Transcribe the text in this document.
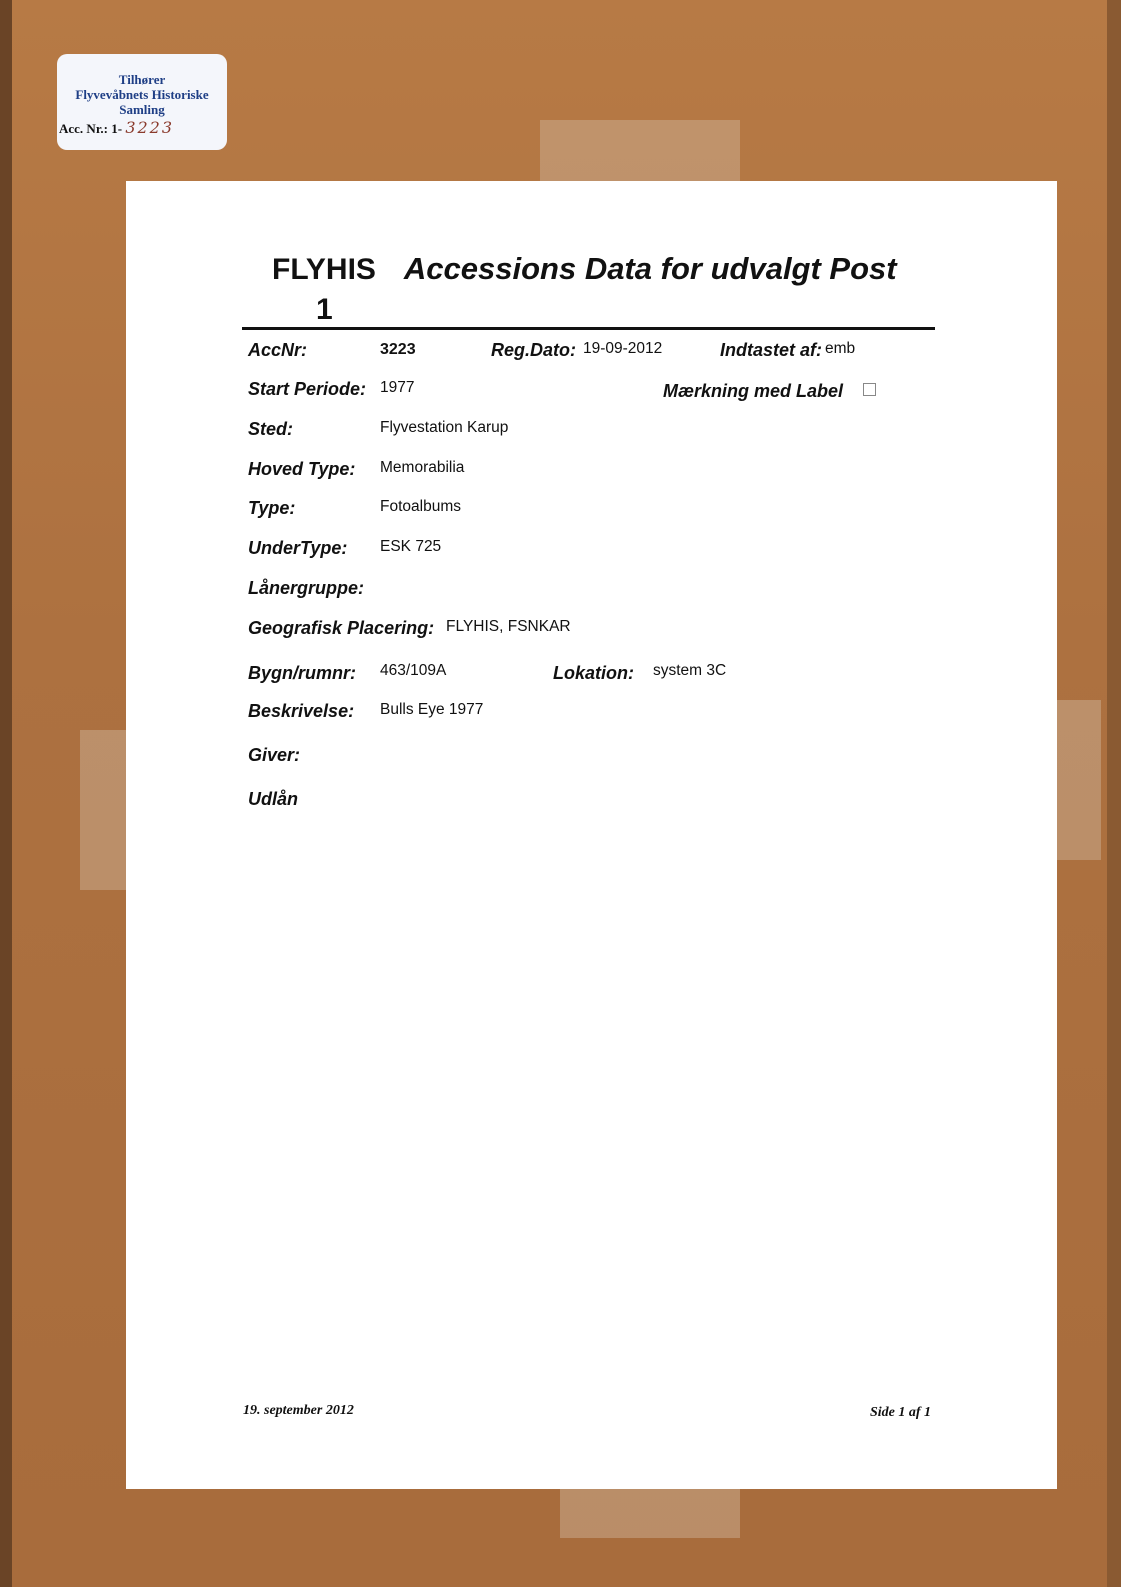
Tilhører
Flyvevåbnets Historiske
Samling
Acc. Nr.: 1- 3223
FLYHIS Accessions Data for udvalgt Post
1
AccNr:	3223	Reg.Dato: 19-09-2012	Indtastet af: emb
Start Periode: 1977	Mærkning med Label
Sted:	Flyvestation Karup
Hoved Type: Memorabilia
Type:	Fotoalbums
UnderType: ESK 725
Lånergruppe:
Geografisk Placering: FLYHIS, FSNKAR
Bygn/rumnr: 463/109A	Lokation: system 3C
Beskrivelse: Bulls Eye 1977
Giver:
Udlån
19. september 2012	Side 1 af 1
